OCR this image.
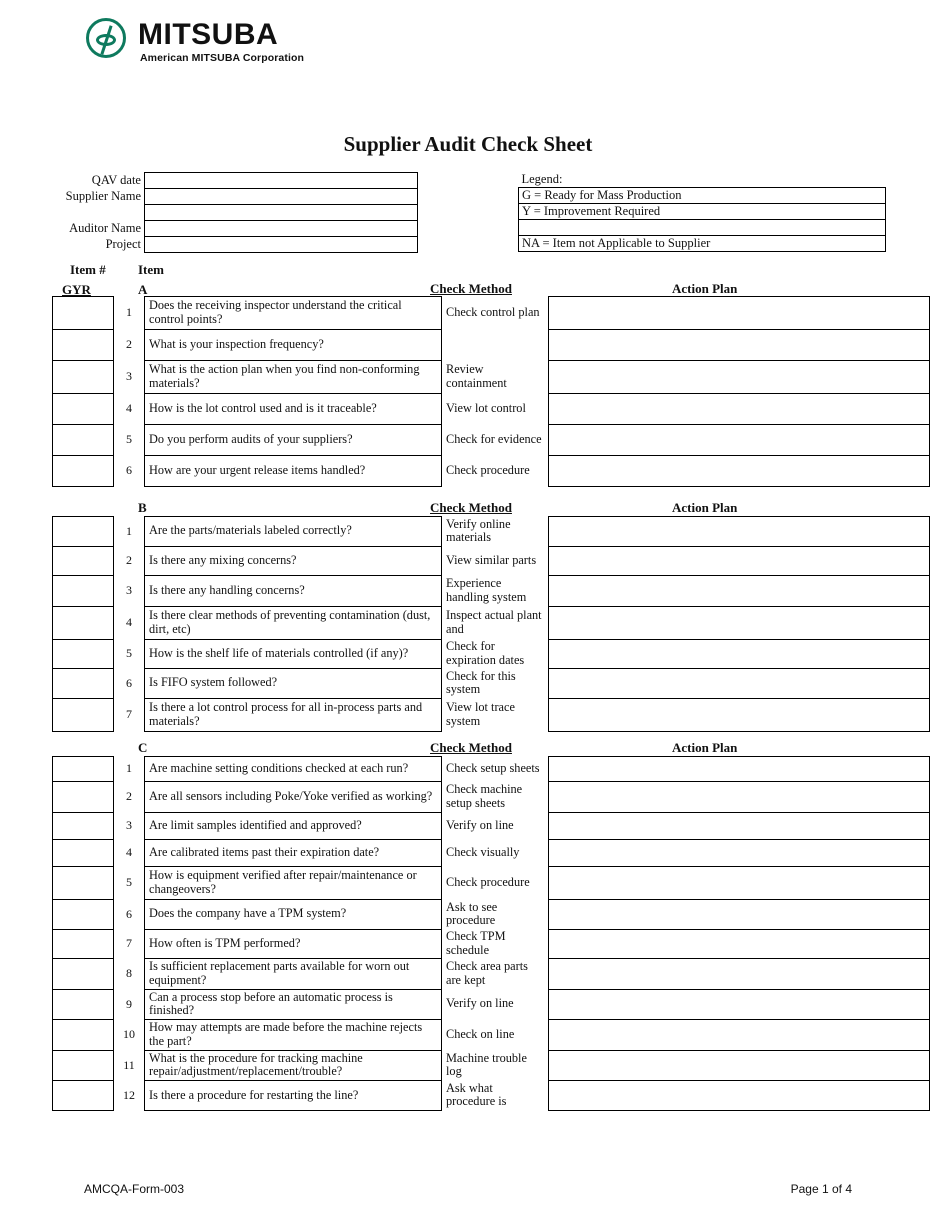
MITSUBA
American MITSUBA Corporation
Supplier Audit Check Sheet
QAV date	
Supplier Name	

Auditor Name	
Project	
Legend:
G = Ready for Mass Production
Y = Improvement Required

NA = Item not Applicable to Supplier
Item #
GYR
Item
Check Method	Action Plan
A
	1	Does the receiving inspector understand the critical control points?	Check control plan	
	2	What is your inspection frequency?		
	3	What is the action plan when you find non-conforming materials?	Review containment	
	4	How is the lot control used and is it traceable?	View lot control	
	5	Do you perform audits of your suppliers?	Check for evidence	
	6	How are your urgent release items handled?	Check procedure	
Check Method	Action Plan
B
	1	Are the parts/materials labeled correctly?	Verify online materials	
	2	Is there any mixing concerns?	View similar parts	
	3	Is there any handling concerns?	Experience handling system	
	4	Is there clear methods of preventing contamination (dust, dirt, etc)	Inspect actual plant and	
	5	How is the shelf life of materials controlled (if any)?	Check for expiration dates	
	6	Is FIFO system followed?	Check for this system	
	7	Is there a lot control process for all in-process parts and materials?	View lot trace system	
Check Method	Action Plan
C
	1	Are machine setting conditions checked at each run?	Check setup sheets	
	2	Are all sensors including Poke/Yoke verified as working?	Check machine setup sheets	
	3	Are limit samples identified and approved?	Verify on line	
	4	Are calibrated items past their expiration date?	Check visually	
	5	How is equipment verified after repair/maintenance or changeovers?	Check procedure	
	6	Does the company have a TPM system?	Ask to see procedure	
	7	How often is TPM performed?	Check TPM schedule	
	8	Is sufficient replacement parts available for worn out equipment?	Check area parts are kept	
	9	Can a process stop before an automatic process is finished?	Verify on line	
	10	How may attempts are made before the machine rejects the part?	Check on line	
	11	What is the procedure for tracking machine repair/adjustment/replacement/trouble?	Machine trouble log	
	12	Is there a procedure for restarting the line?	Ask what procedure is	
AMCQA-Form-003	Page 1 of 4
